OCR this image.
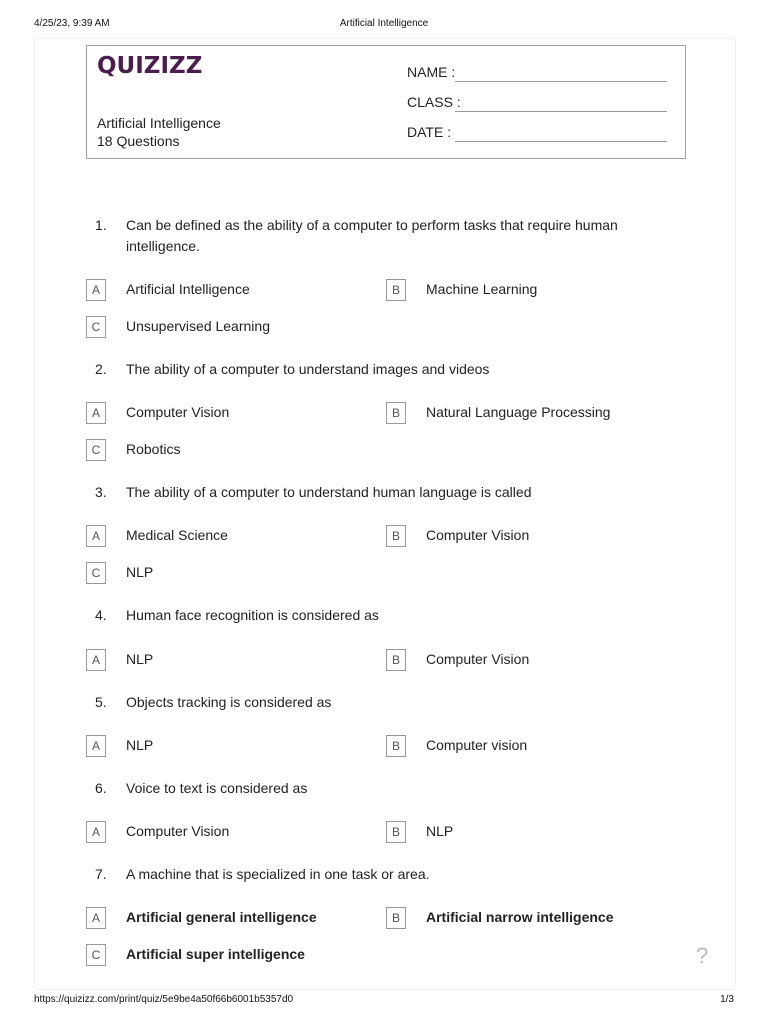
4/25/23, 9:39 AM	Artificial Intelligence
QUIZIZZ
Artificial Intelligence
18 Questions
NAME :
CLASS :
DATE :
1. Can be defined as the ability of a computer to perform tasks that require human intelligence.
A	Artificial Intelligence	B	Machine Learning
C	Unsupervised Learning
2. The ability of a computer to understand images and videos
A	Computer Vision	B	Natural Language Processing
C	Robotics
3. The ability of a computer to understand human language is called
A	Medical Science	B	Computer Vision
C	NLP
4. Human face recognition is considered as
A	NLP	B	Computer Vision
5. Objects tracking is considered as
A	NLP	B	Computer vision
6. Voice to text is considered as
A	Computer Vision	B	NLP
7. A machine that is specialized in one task or area.
A	Artificial general intelligence	B	Artificial narrow intelligence
C	Artificial super intelligence	?
https://quizizz.com/print/quiz/5e9be4a50f66b6001b5357d0	1/3
